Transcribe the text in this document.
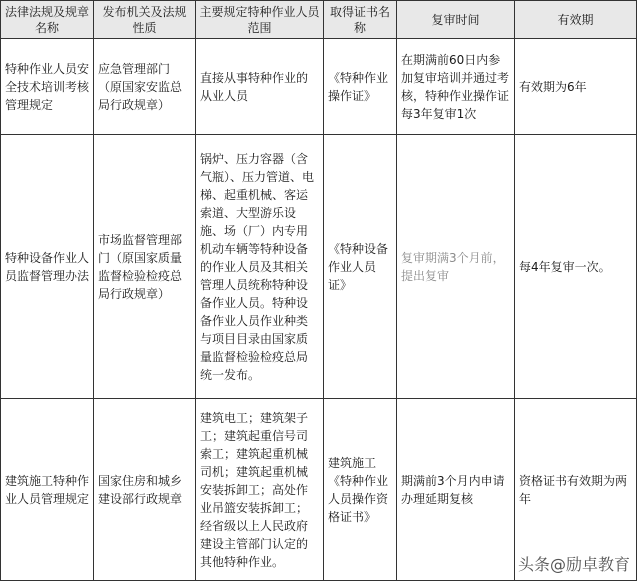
法律法规及规章名称	发布机关及法规性质	主要规定特种作业人员范围	取得证书名称	复审时间	有效期
特种作业人员安全技术培训考核管理规定	应急管理部门（原国家安监总局行政规章）	直接从事特种作业的从业人员	《特种作业操作证》	在期满前60日内参加复审培训并通过考核，特种作业操作证每3年复审1次	有效期为6年
特种设备作业人员监督管理办法	市场监督管理部门（原国家质量监督检验检疫总局行政规章）	锅炉、压力容器（含气瓶）、压力管道、电梯、起重机械、客运索道、大型游乐设施、场（厂）内专用机动车辆等特种设备的作业人员及其相关管理人员统称特种设备作业人员。特种设备作业人员作业种类与项目目录由国家质量监督检验检疫总局统一发布。	《特种设备作业人员证》	复审期满3个月前，提出复审	每4年复审一次。
建筑施工特种作业人员管理规定	国家住房和城乡建设部行政规章	建筑电工；建筑架子工；建筑起重信号司索工；建筑起重机械司机；建筑起重机械安装拆卸工；高处作业吊篮安装拆卸工；经省级以上人民政府建设主管部门认定的其他特种作业。	建筑施工《特种作业人员操作资格证书》	期满前3个月内申请办理延期复核	资格证书有效期为两年
头条@励卓教育
